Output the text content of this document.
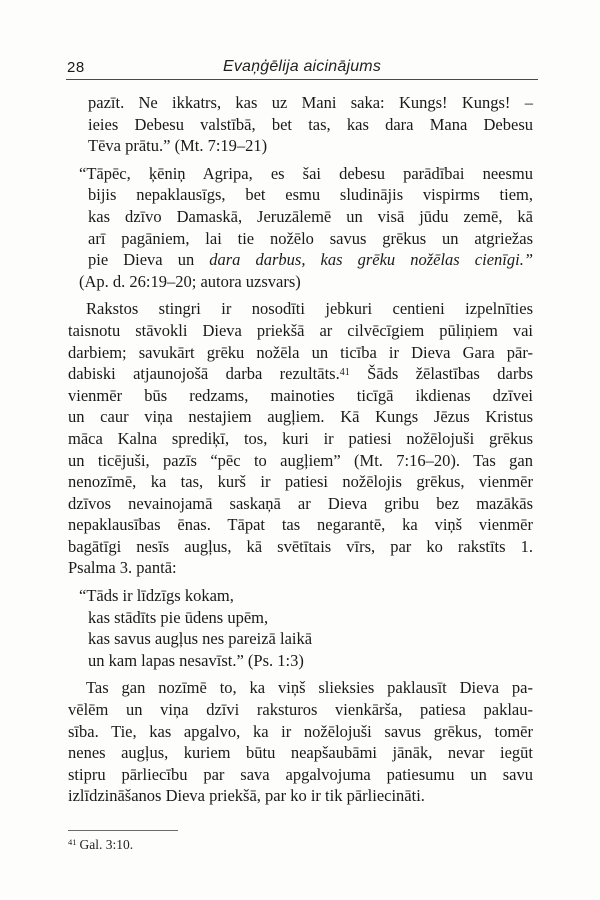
28	Evaņģēlija aicinājums
pazīt. Ne ikkatrs, kas uz Mani saka: Kungs! Kungs! –
ieies Debesu valstībā, bet tas, kas dara Mana Debesu
Tēva prātu.” (Mt. 7:19–21)
“Tāpēc, ķēniņ Agripa, es šai debesu parādībai neesmu
bijis nepaklausīgs, bet esmu sludinājis vispirms tiem,
kas dzīvo Damaskā, Jeruzālemē un visā jūdu zemē, kā
arī pagāniem, lai tie nožēlo savus grēkus un atgriežas
pie Dieva un dara darbus, kas grēku nožēlas cienīgi.”
(Ap. d. 26:19–20; autora uzsvars)
Rakstos stingri ir nosodīti jebkuri centieni izpelnīties
taisnotu stāvokli Dieva priekšā ar cilvēcīgiem pūliņiem vai
darbiem; savukārt grēku nožēla un ticība ir Dieva Gara pār-
dabiski atjaunojošā darba rezultāts.$^{41}$ Šāds žēlastības darbs
vienmēr būs redzams, mainoties ticīgā ikdienas dzīvei
un caur viņa nestajiem augļiem. Kā Kungs Jēzus Kristus
māca Kalna sprediķī, tos, kuri ir patiesi nožēlojuši grēkus
un ticējuši, pazīs “pēc to augļiem” (Mt. 7:16–20). Tas gan
nenozīmē, ka tas, kurš ir patiesi nožēlojis grēkus, vienmēr
dzīvos nevainojamā saskaņā ar Dieva gribu bez mazākās
nepaklausības ēnas. Tāpat tas negarantē, ka viņš vienmēr
bagātīgi nesīs augļus, kā svētītais vīrs, par ko rakstīts 1.
Psalma 3. pantā:
“Tāds ir līdzīgs kokam,
kas stādīts pie ūdens upēm,
kas savus augļus nes pareizā laikā
un kam lapas nesavīst.” (Ps. 1:3)
Tas gan nozīmē to, ka viņš slieksies paklausīt Dieva pa-
vēlēm un viņa dzīvi raksturos vienkārša, patiesa paklau-
sība. Tie, kas apgalvo, ka ir nožēlojuši savus grēkus, tomēr
nenes augļus, kuriem būtu neapšaubāmi jānāk, nevar iegūt
stipru pārliecību par sava apgalvojuma patiesumu un savu
izlīdzināšanos Dieva priekšā, par ko ir tik pārliecināti.
$^{41}$ Gal. 3:10.
